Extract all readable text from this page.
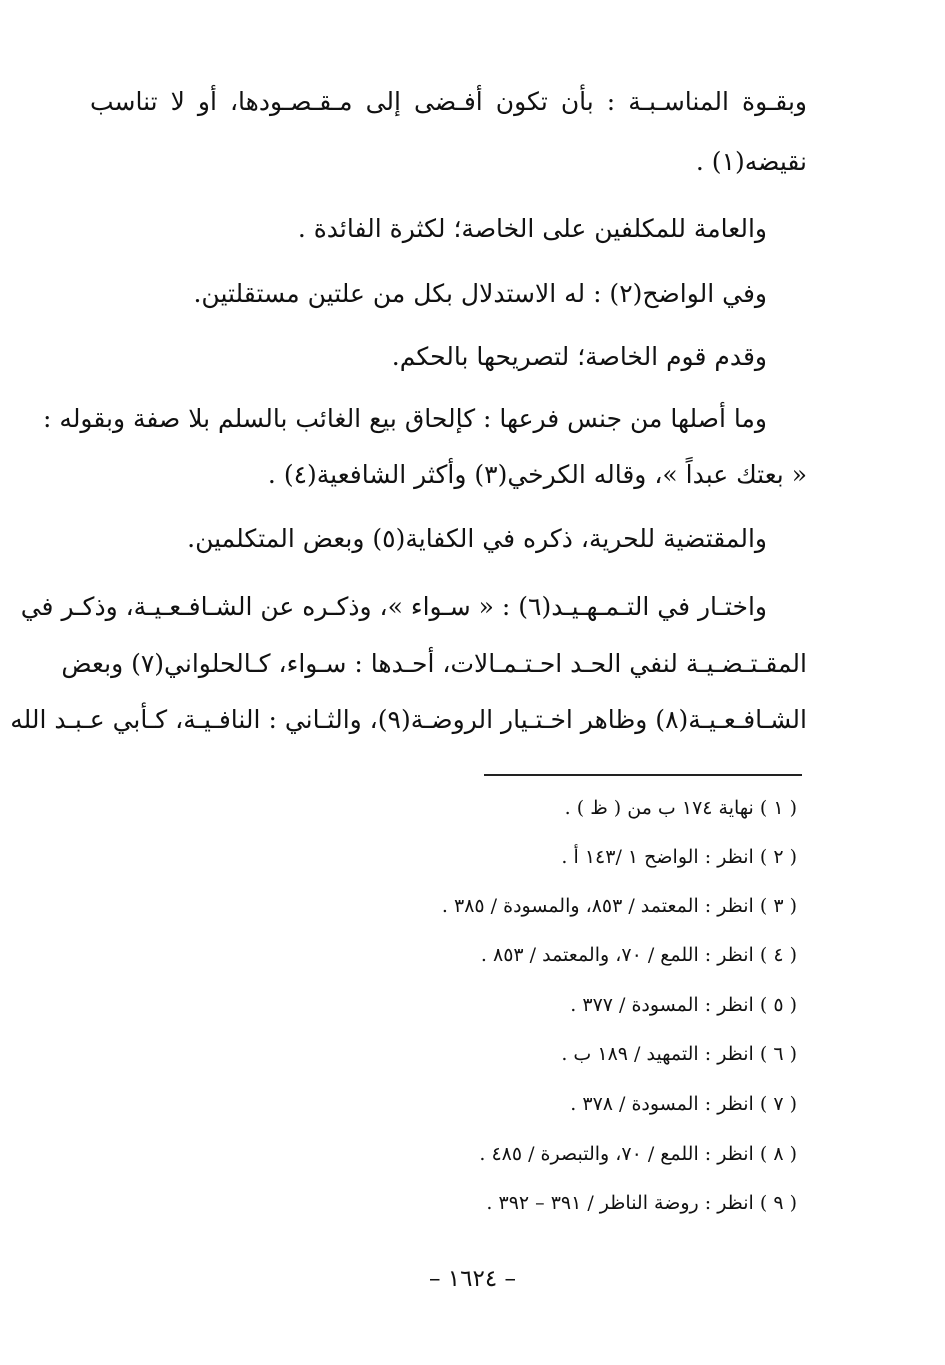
وبقـوة المناسـبـة : بأن تكون أفـضى إلى مـقـصـودها، أو لا تناسب
نقيضه(١) .
والعامة للمكلفين على الخاصة؛ لكثرة الفائدة .
وفي الواضح(٢) : له الاستدلال بكل من علتين مستقلتين.
وقدم قوم الخاصة؛ لتصريحها بالحكم.
وما أصلها من جنس فرعها : كإلحاق بيع الغائب بالسلم بلا صفة وبقوله :
« بعتك عبداً »، وقاله الكرخي(٣) وأكثر الشافعية(٤) .
والمقتضية للحرية، ذكره في الكفاية(٥) وبعض المتكلمين.
واختـار في التـمـهـيـد(٦) : « سـواء »، وذكـره عن الشـافـعـيـة، وذكـر في
المقـتـضـيـة لنفي الحـد احـتـمـالات، أحـدها : سـواء، كـالحلواني(٧) وبعض
الشـافـعـيـة(٨) وظاهر اخـتـيار الروضـة(٩)، والثـاني : النافـيـة، كـأبي عـبـد الله
( ١ ) نهاية ١٧٤ ب من ( ظ ) .
( ٢ ) انظر : الواضح ١ /١٤٣ أ .
( ٣ ) انظر : المعتمد / ٨٥٣، والمسودة / ٣٨٥ .
( ٤ ) انظر : اللمع / ٧٠، والمعتمد / ٨٥٣ .
( ٥ ) انظر : المسودة / ٣٧٧ .
( ٦ ) انظر : التمهيد / ١٨٩ ب .
( ٧ ) انظر : المسودة / ٣٧٨ .
( ٨ ) انظر : اللمع / ٧٠، والتبصرة / ٤٨٥ .
( ٩ ) انظر : روضة الناظر / ٣٩١ – ٣٩٢ .
– ١٦٢٤ –
